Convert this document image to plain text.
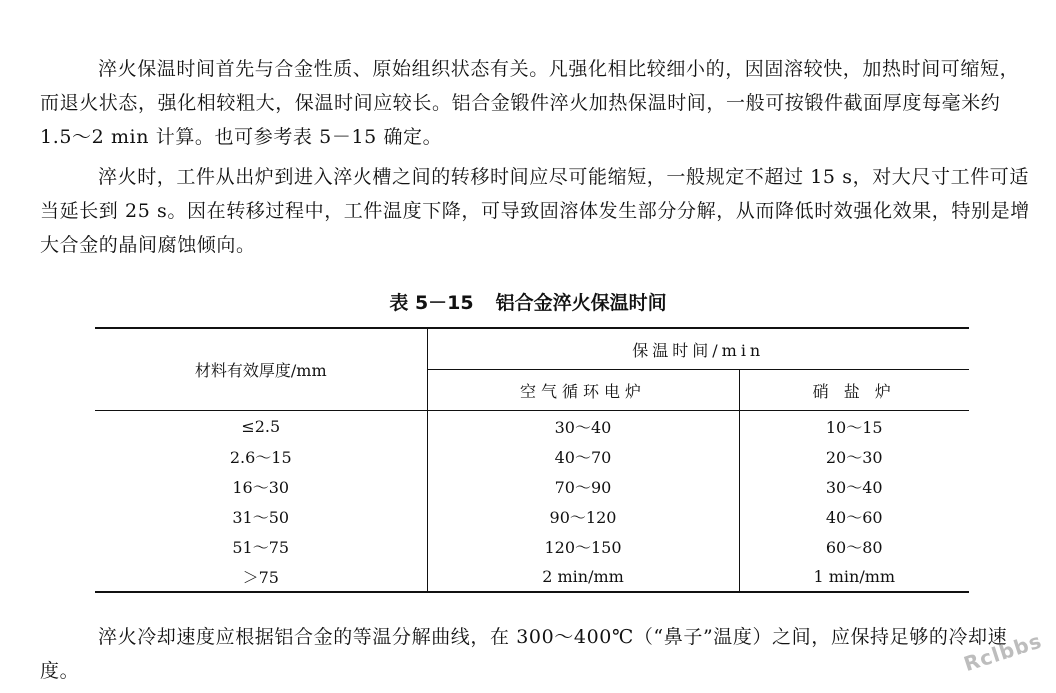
淬火保温时间首先与合金性质、原始组织状态有关。凡强化相比较细小的，因固溶较快，加热时间可缩短，而退火状态，强化相较粗大，保温时间应较长。铝合金锻件淬火加热保温时间，一般可按锻件截面厚度每毫米约 1.5～2 min 计算。也可参考表 5－15 确定。

淬火时，工件从出炉到进入淬火槽之间的转移时间应尽可能缩短，一般规定不超过 15 s，对大尺寸工件可适当延长到 25 s。因在转移过程中，工件温度下降，可导致固溶体发生部分分解，从而降低时效强化效果，特别是增大合金的晶间腐蚀倾向。

表 5－15 铝合金淬火保温时间
材料有效厚度/mm	保温时间/min	
	空气循环电炉	硝 盐 炉
≤2.5	30～40	10～15
2.6～15	40～70	20～30
16～30	70～90	30～40
31～50	90～120	40～60
51～75	120～150	60～80
＞75	2 min/mm	1 min/mm

淬火冷却速度应根据铝合金的等温分解曲线，在 300～400℃（“鼻子”温度）之间，应保持足够的冷却速度。	Rclbbs
